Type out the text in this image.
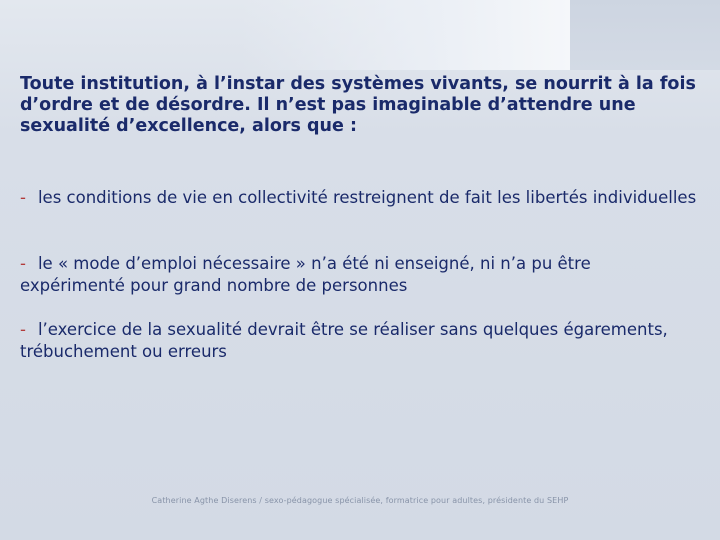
Toute institution, à l’instar des systèmes vivants, se nourrit à la fois d’ordre et de désordre. Il n’est pas imaginable d’attendre une sexualité d’excellence, alors que :

- les conditions de vie en collectivité restreignent de fait les libertés individuelles

- le « mode d’emploi nécessaire » n’a été ni enseigné, ni n’a pu être expérimenté pour grand nombre de personnes

- l’exercice de la sexualité devrait être se réaliser sans quelques égarements, trébuchement ou erreurs

Catherine Agthe Diserens / sexo-pédagogue spécialisée, formatrice pour adultes, présidente du SEHP
